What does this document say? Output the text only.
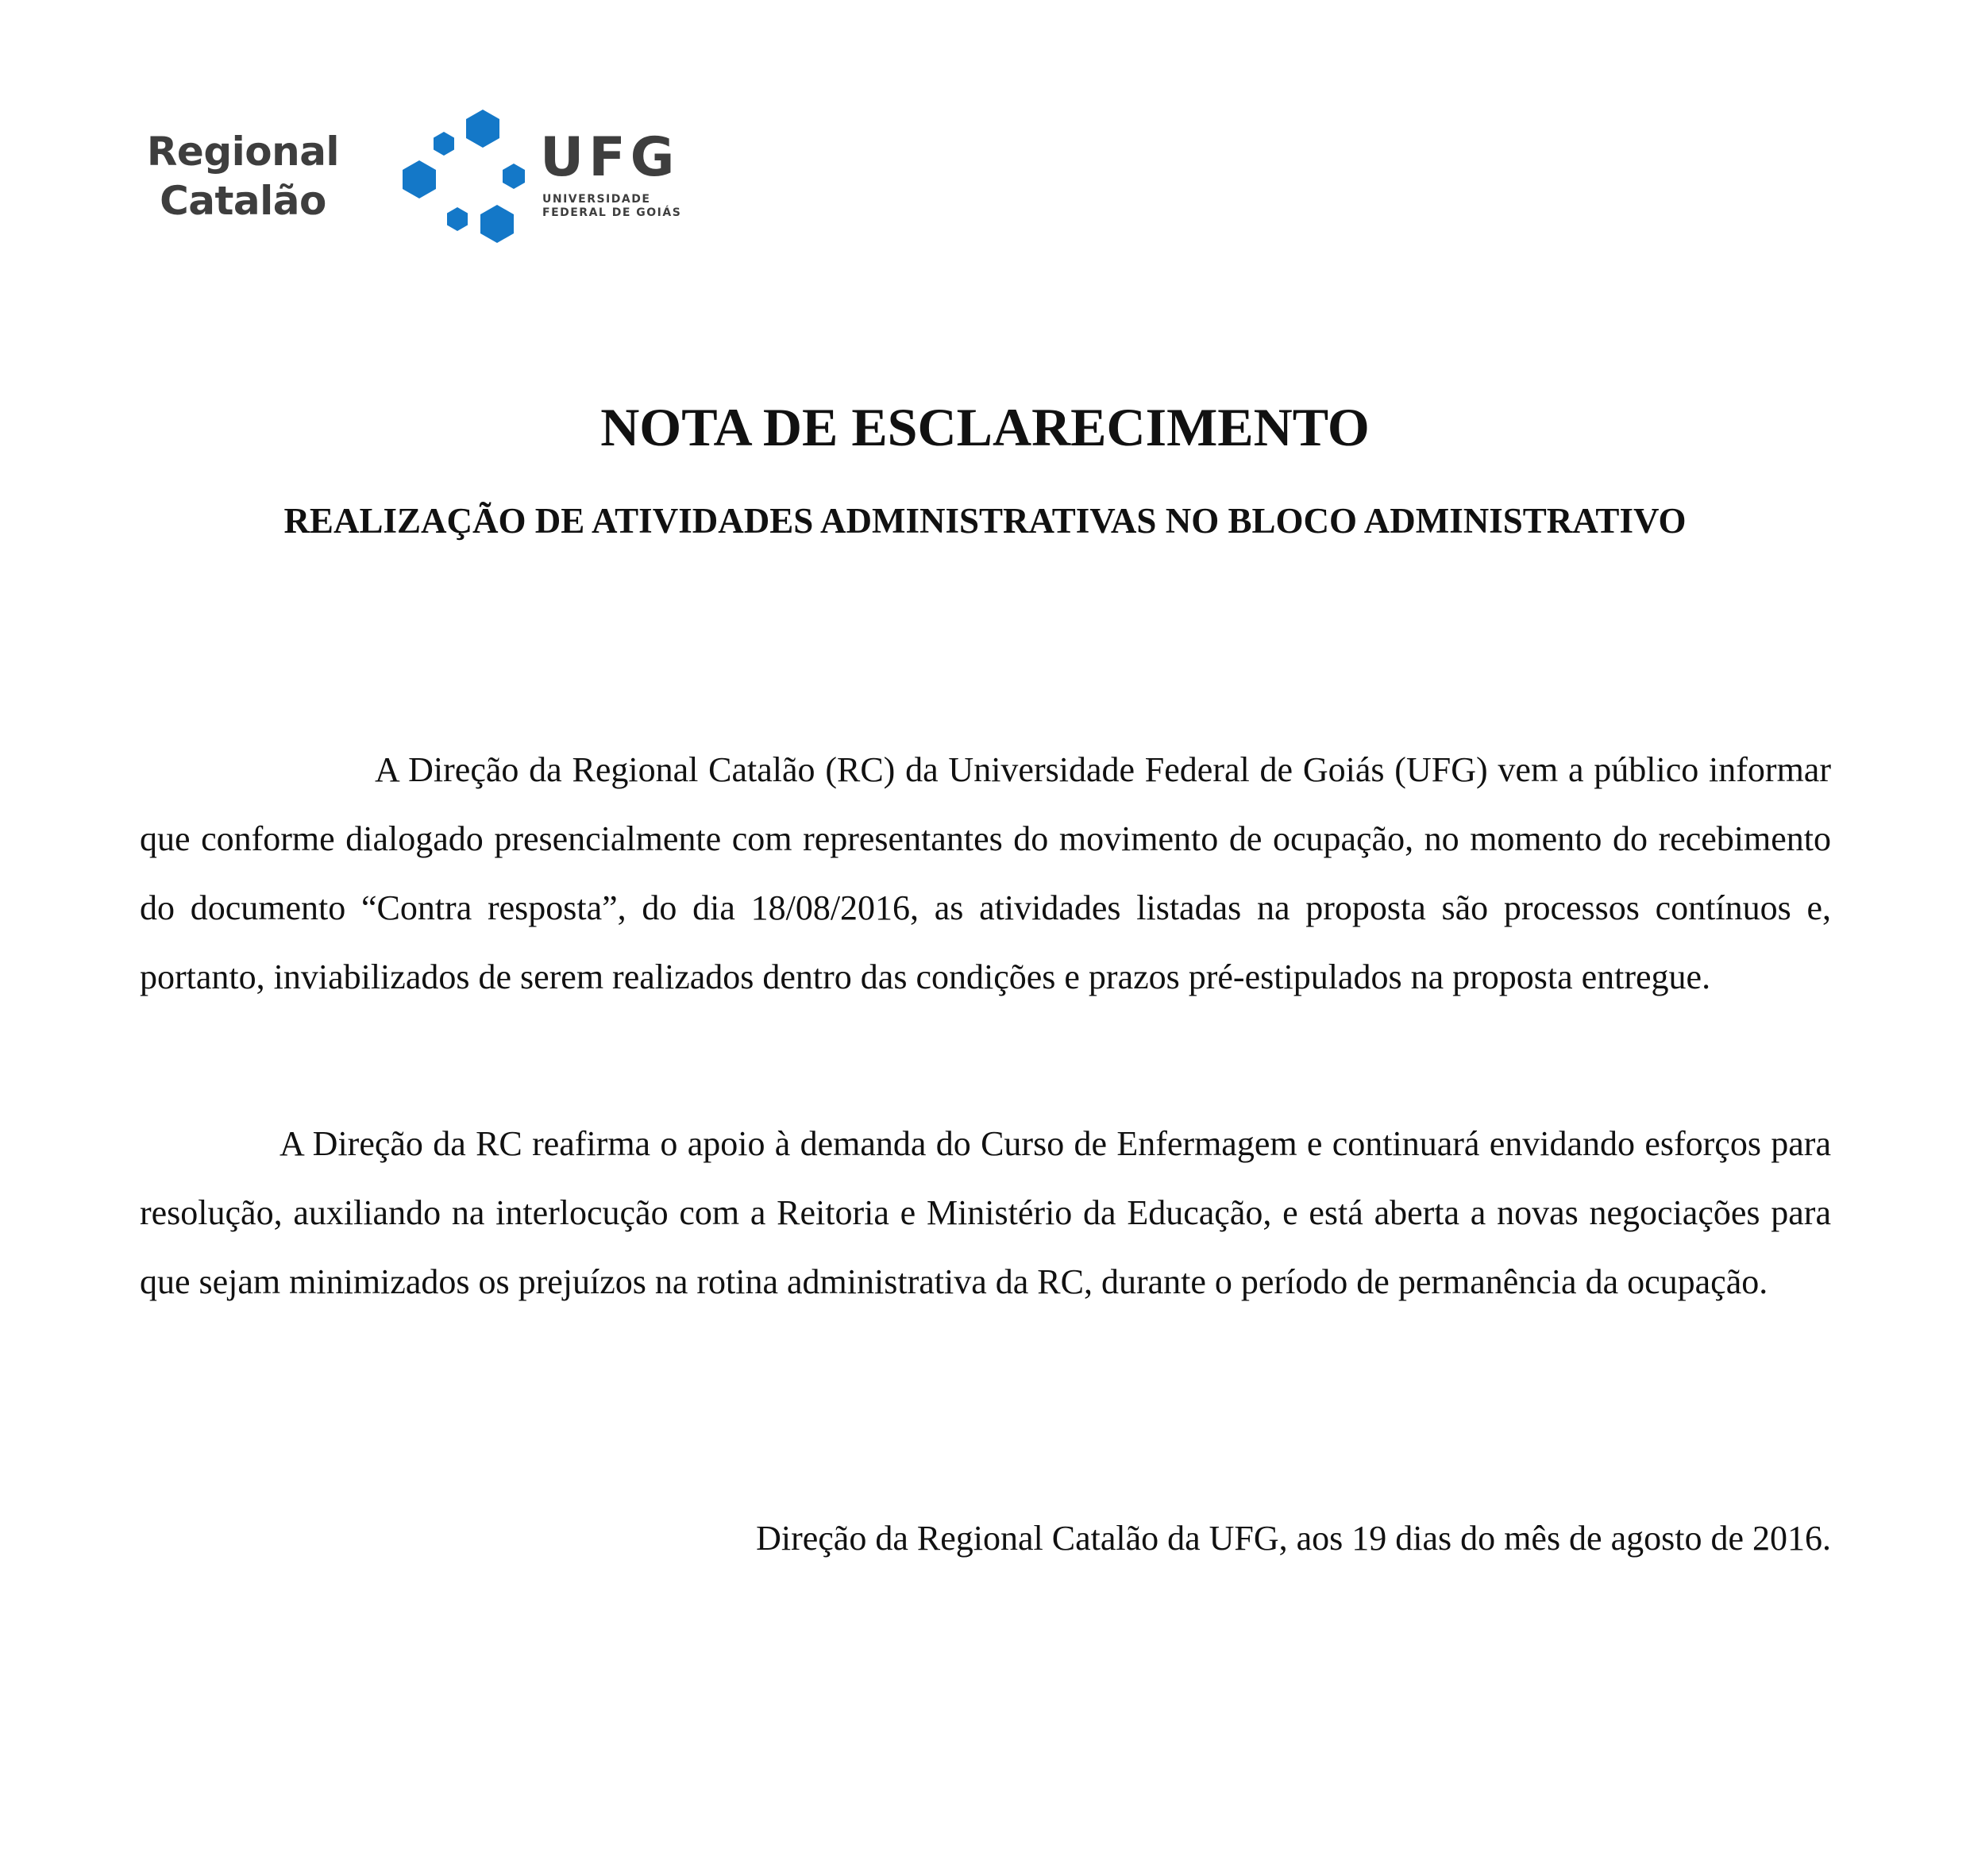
Regional
Catalão
UFG
UNIVERSIDADE
FEDERAL DE GOIÁS
NOTA DE ESCLARECIMENTO
REALIZAÇÃO DE ATIVIDADES ADMINISTRATIVAS NO BLOCO ADMINISTRATIVO

A Direção da Regional Catalão (RC) da Universidade Federal de Goiás (UFG) vem a público informar que conforme dialogado presencialmente com representantes do movimento de ocupação, no momento do recebimento do documento “Contra resposta”, do dia 18/08/2016, as atividades listadas na proposta são processos contínuos e, portanto, inviabilizados de serem realizados dentro das condições e prazos pré-estipulados na proposta entregue.

A Direção da RC reafirma o apoio à demanda do Curso de Enfermagem e continuará envidando esforços para resolução, auxiliando na interlocução com a Reitoria e Ministério da Educação, e está aberta a novas negociações para que sejam minimizados os prejuízos na rotina administrativa da RC, durante o período de permanência da ocupação.

Direção da Regional Catalão da UFG, aos 19 dias do mês de agosto de 2016.
